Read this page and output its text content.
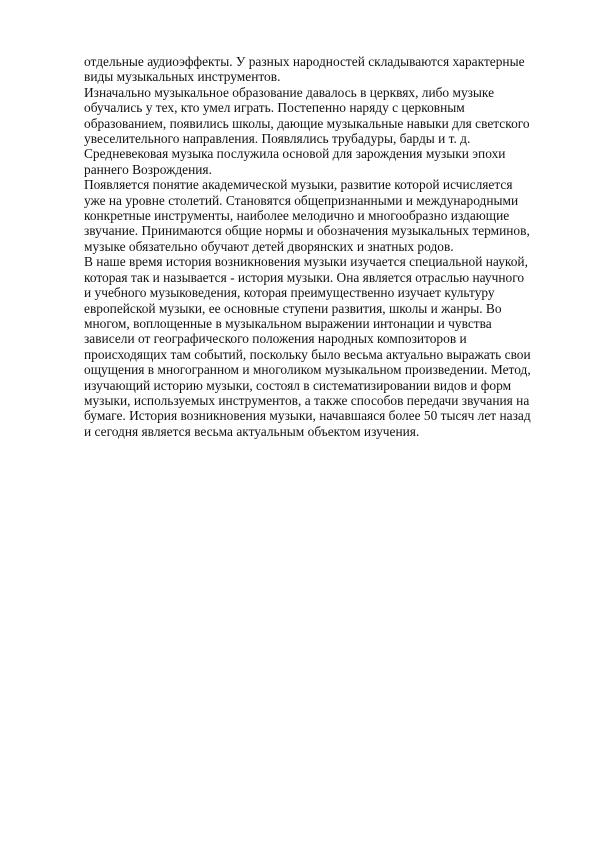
отдельные аудиоэффекты. У разных народностей складываются характерные
виды музыкальных инструментов.
Изначально музыкальное образование давалось в церквях, либо музыке
обучались у тех, кто умел играть. Постепенно наряду с церковным
образованием, появились школы, дающие музыкальные навыки для светского
увеселительного направления. Появлялись трубадуры, барды и т. д.
Средневековая музыка послужила основой для зарождения музыки эпохи
раннего Возрождения.
Появляется понятие академической музыки, развитие которой исчисляется
уже на уровне столетий. Становятся общепризнанными и международными
конкретные инструменты, наиболее мелодично и многообразно издающие
звучание. Принимаются общие нормы и обозначения музыкальных терминов,
музыке обязательно обучают детей дворянских и знатных родов.
В наше время история возникновения музыки изучается специальной наукой,
которая так и называется - история музыки. Она является отраслью научного
и учебного музыковедения, которая преимущественно изучает культуру
европейской музыки, ее основные ступени развития, школы и жанры. Во
многом, воплощенные в музыкальном выражении интонации и чувства
зависели от географического положения народных композиторов и
происходящих там событий, поскольку было весьма актуально выражать свои
ощущения в многогранном и многоликом музыкальном произведении. Метод,
изучающий историю музыки, состоял в систематизировании видов и форм
музыки, используемых инструментов, а также способов передачи звучания на
бумаге. История возникновения музыки, начавшаяся более 50 тысяч лет назад
и сегодня является весьма актуальным объектом изучения.
